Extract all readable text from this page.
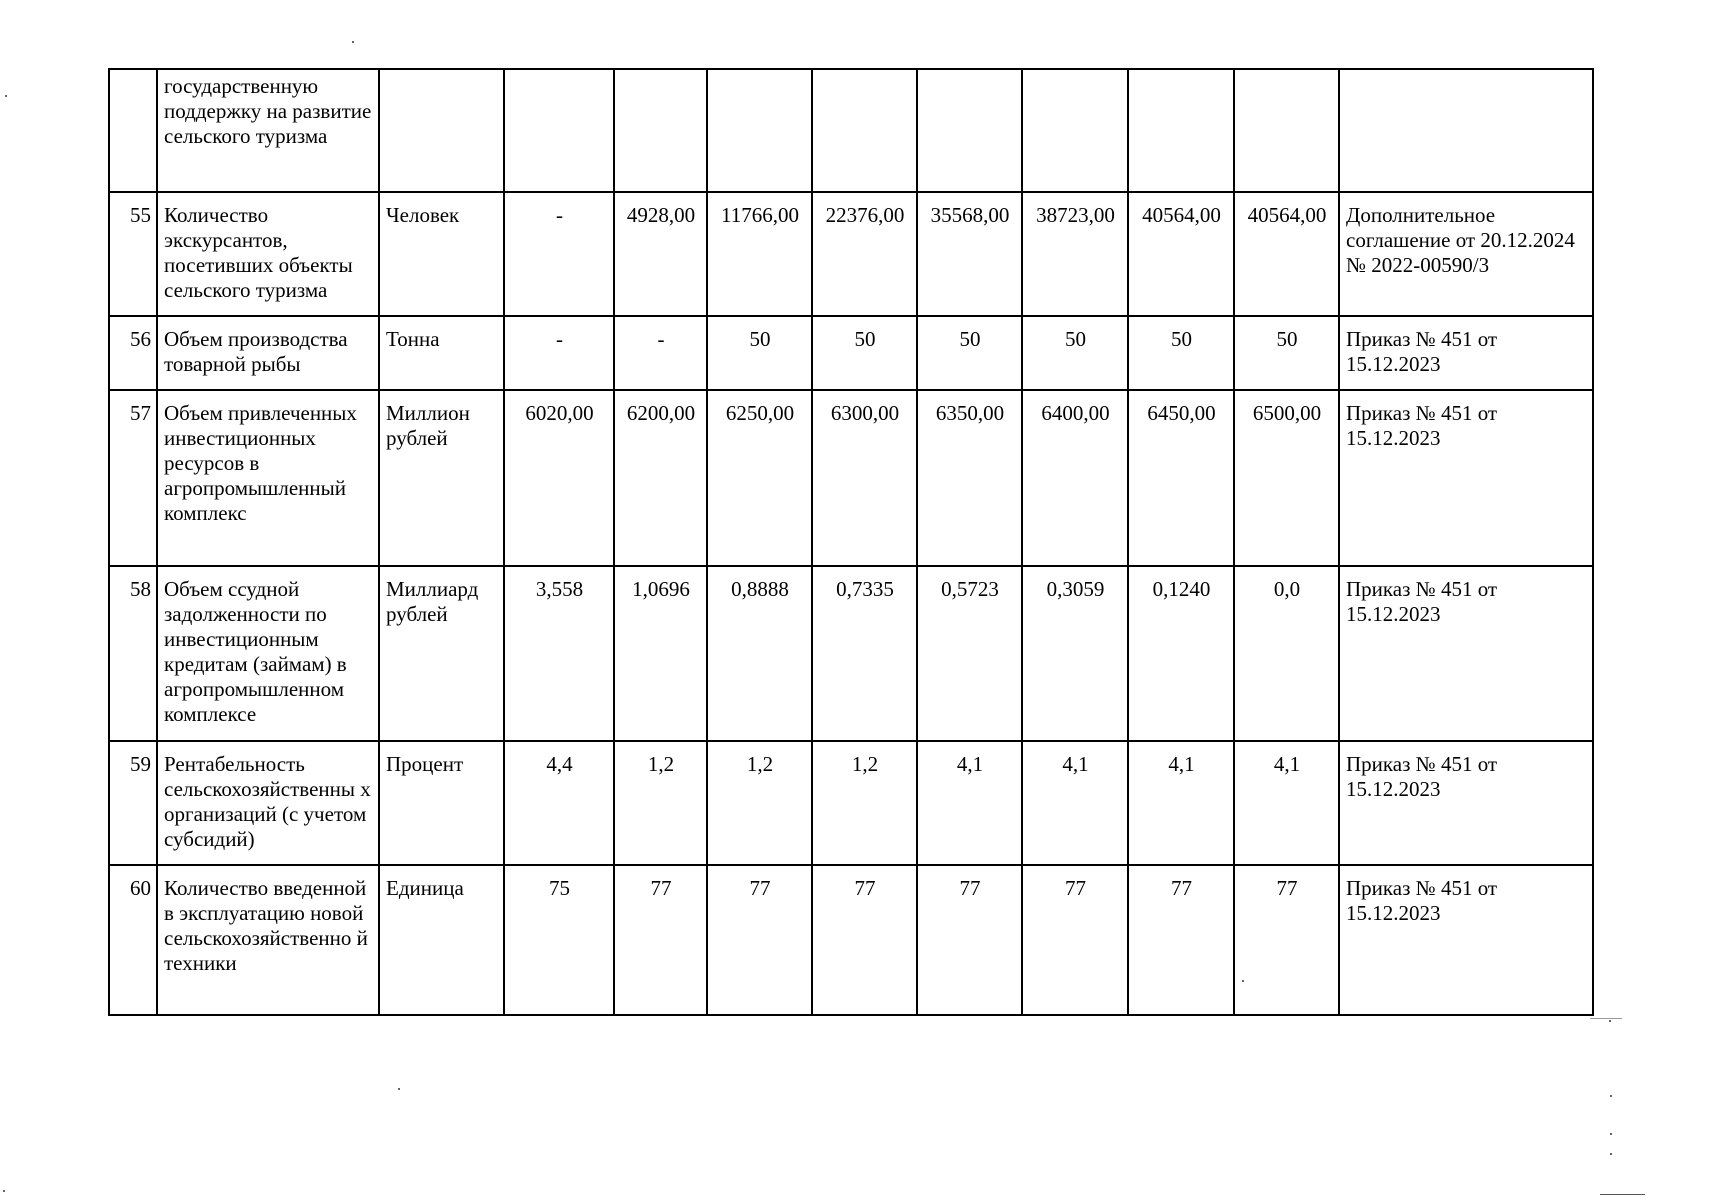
	государственную поддержку на развитие сельского туризма										
55	Количество экскурсантов, посетивших объекты сельского туризма	Человек	-	4928,00	11766,00	22376,00	35568,00	38723,00	40564,00	40564,00	Дополнительное соглашение от 20.12.2024 № 2022-00590/3
56	Объем производства товарной рыбы	Тонна	-	-	50	50	50	50	50	50	Приказ № 451 от 15.12.2023
57	Объем привлеченных инвестиционных ресурсов в агропромышленный комплекс	Миллион рублей	6020,00	6200,00	6250,00	6300,00	6350,00	6400,00	6450,00	6500,00	Приказ № 451 от 15.12.2023
58	Объем ссудной задолженности по инвестиционным кредитам (займам) в агропромышленном комплексе	Миллиард рублей	3,558	1,0696	0,8888	0,7335	0,5723	0,3059	0,1240	0,0	Приказ № 451 от 15.12.2023
59	Рентабельность сельскохозяйственны х организаций (с учетом субсидий)	Процент	4,4	1,2	1,2	1,2	4,1	4,1	4,1	4,1	Приказ № 451 от 15.12.2023
60	Количество введенной в эксплуатацию новой сельскохозяйственно й техники	Единица	75	77	77	77	77	77	77	77	Приказ № 451 от 15.12.2023
